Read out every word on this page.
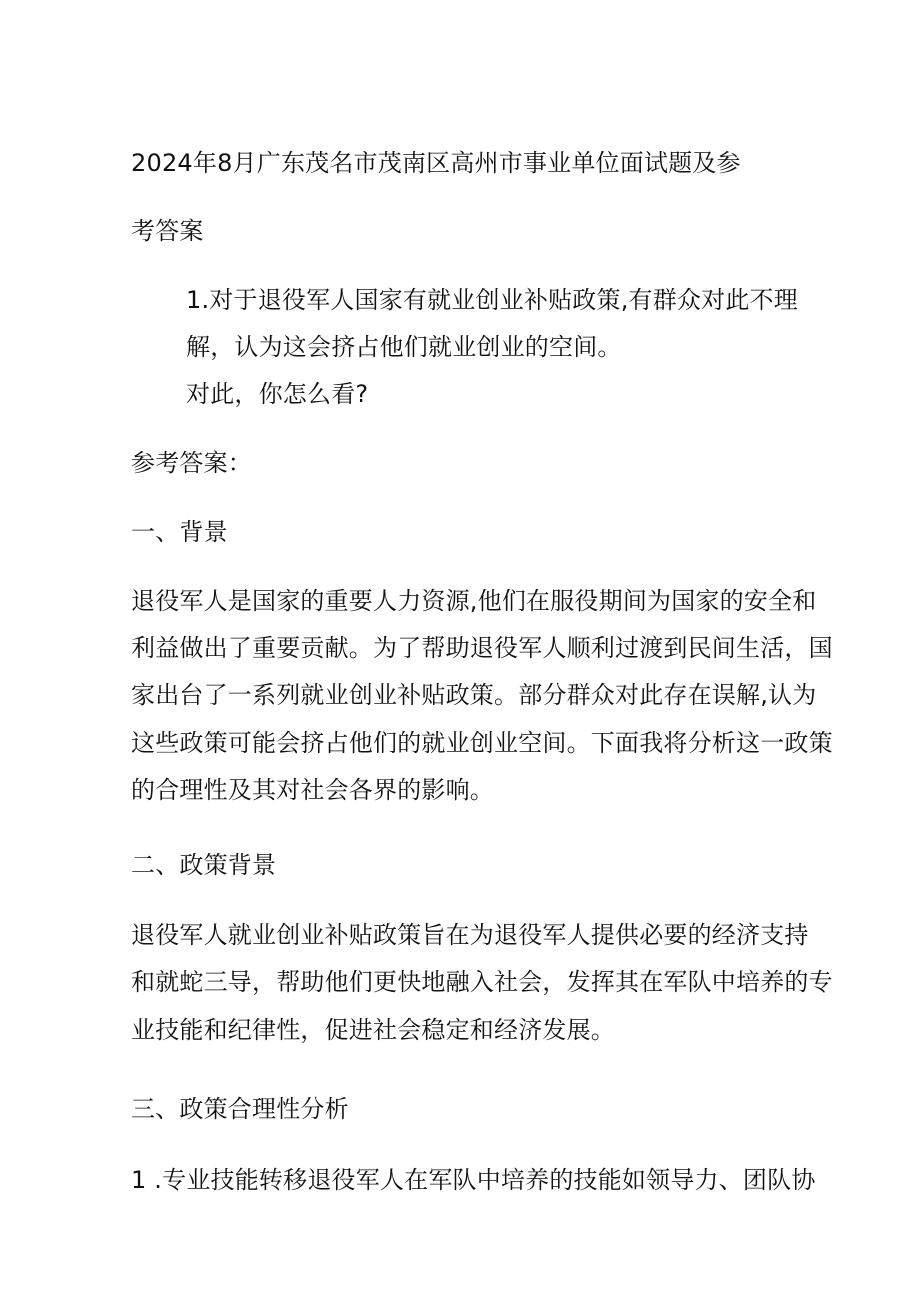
2024年8月广东茂名市茂南区高州市事业单位面试题及参
考答案
1.对于退役军人国家有就业创业补贴政策,有群众对此不理
解，认为这会挤占他们就业创业的空间。
对此，你怎么看?
参考答案：
一、背景
退役军人是国家的重要人力资源,他们在服役期间为国家的安全和
利益做出了重要贡献。为了帮助退役军人顺利过渡到民间生活，国
家出台了一系列就业创业补贴政策。部分群众对此存在误解,认为
这些政策可能会挤占他们的就业创业空间。下面我将分析这一政策
的合理性及其对社会各界的影响。
二、政策背景
退役军人就业创业补贴政策旨在为退役军人提供必要的经济支持
和就蛇三导，帮助他们更快地融入社会，发挥其在军队中培养的专
业技能和纪律性，促进社会稳定和经济发展。
三、政策合理性分析
1 .专业技能转移退役军人在军队中培养的技能如领导力、团队协
